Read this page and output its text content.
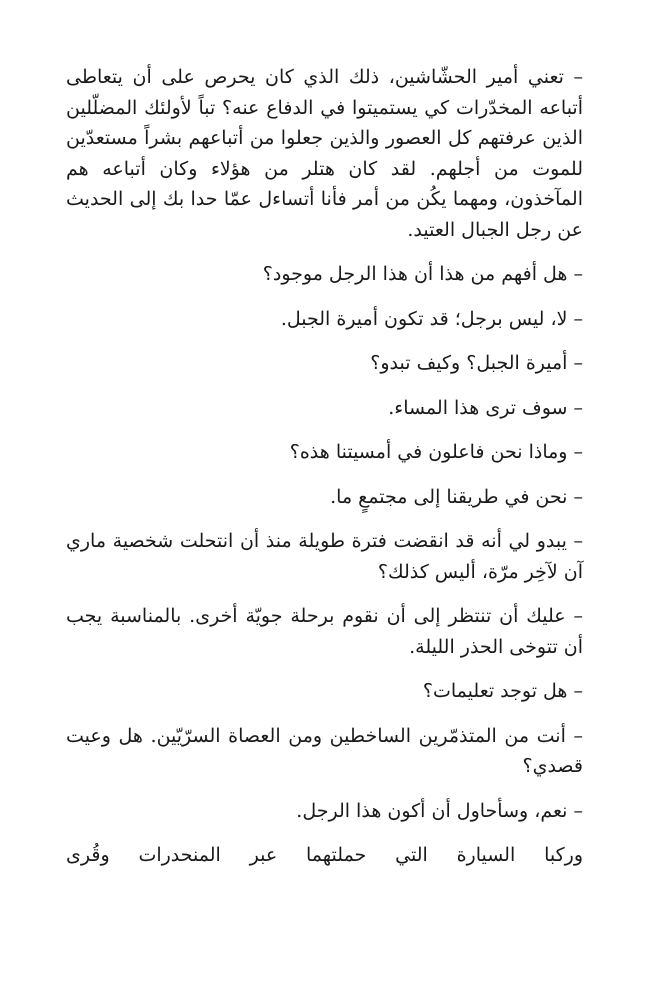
– تعني أمير الحشّاشين، ذلك الذي كان يحرص على أن يتعاطى أتباعه المخدّرات كي يستميتوا في الدفاع عنه؟ تباً لأولئك المضلّلين الذين عرفتهم كل العصور والذين جعلوا من أتباعهم بشراً مستعدّين للموت من أجلهم. لقد كان هتلر من هؤلاء وكان أتباعه هم المآخذون، ومهما يكُن من أمر فأنا أتساءل عمّا حدا بك إلى الحديث عن رجل الجبال العتيد.

– هل أفهم من هذا أن هذا الرجل موجود؟

– لا، ليس برجل؛ قد تكون أميرة الجبل.

– أميرة الجبل؟ وكيف تبدو؟

– سوف ترى هذا المساء.

– وماذا نحن فاعلون في أمسيتنا هذه؟

– نحن في طريقنا إلى مجتمعٍ ما.

– يبدو لي أنه قد انقضت فترة طويلة منذ أن انتحلت شخصية ماري آن لآخِر مرّة، أليس كذلك؟

– عليك أن تنتظر إلى أن نقوم برحلة جويّة أخرى. بالمناسبة يجب أن تتوخى الحذر الليلة.

– هل توجد تعليمات؟

– أنت من المتذمّرين الساخطين ومن العصاة السرّيّين. هل وعيت قصدي؟

– نعم، وسأحاول أن أكون هذا الرجل.

وركبا السيارة التي حملتهما عبر المنحدرات وقُرى
